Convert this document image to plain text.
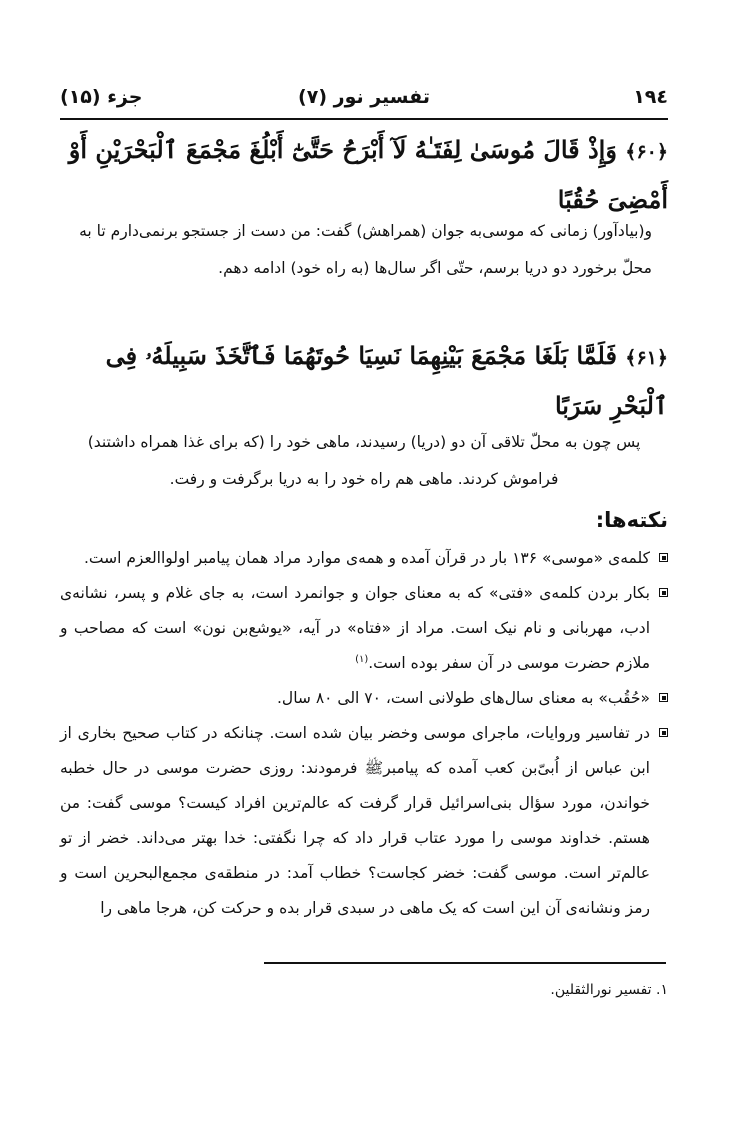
۱۹٤
تفسیر نور (۷)
جزء (۱۵)
﴿۶۰﴾ وَإِذْ قَالَ مُوسَىٰ لِفَتَـٰهُ لَآ أَبْرَحُ حَتَّىٰٓ أَبْلُغَ مَجْمَعَ ٱلْبَحْرَيْنِ أَوْ أَمْضِىَ حُقُبًا
و(بیادآور) زمانی که موسی‌به جوان (همراهش) گفت: من دست از جستجو برنمی‌دارم تا به محلّ برخورد دو دریا برسم، حتّی اگر سال‌ها (به راه خود) ادامه دهم.
﴿۶۱﴾ فَلَمَّا بَلَغَا مَجْمَعَ بَيْنِهِمَا نَسِيَا حُوتَهُمَا فَٱتَّخَذَ سَبِيلَهُۥ فِى ٱلْبَحْرِ سَرَبًا
پس چون به محلّ تلاقی آن دو (دریا) رسیدند، ماهی خود را (که برای غذا همراه داشتند) فراموش کردند. ماهی هم راه خود را به دریا برگرفت و رفت.
نکته‌ها:
کلمه‌ی «موسی» ۱۳۶ بار در قرآن آمده و همه‌ی موارد مراد همان پیامبر اولواالعزم است.
بکار بردن کلمه‌ی «فتی» که به معنای جوان و جوانمرد است، به جای غلام و پسر، نشانه‌ی ادب، مهربانی و نام نیک است. مراد از «فتاه» در آیه، «یوشع‌بن نون» است که مصاحب و ملازم حضرت موسی در آن سفر بوده است.$^{(۱)}$
«حُقُب» به معنای سال‌های طولانی است، ۷۰ الی ۸۰ سال.
در تفاسیر وروایات، ماجرای موسی وخضر بیان شده است. چنانکه در کتاب صحیح بخاری از ابن عباس از اُبیّ‌بن کعب آمده که پیامبرﷺ فرمودند: روزی حضرت موسی در حال خطبه خواندن، مورد سؤال بنی‌اسرائیل قرار گرفت که عالم‌ترین افراد کیست؟ موسی گفت: من هستم. خداوند موسی را مورد عتاب قرار داد که چرا نگفتی: خدا بهتر می‌داند. خضر از تو عالم‌تر است. موسی گفت: خضر کجاست؟ خطاب آمد: در منطقه‌ی مجمع‌البحرین است و رمز ونشانه‌ی آن این است که یک ماهی در سبدی قرار بده و حرکت کن، هرجا ماهی را
۱. تفسیر نورالثقلین.
